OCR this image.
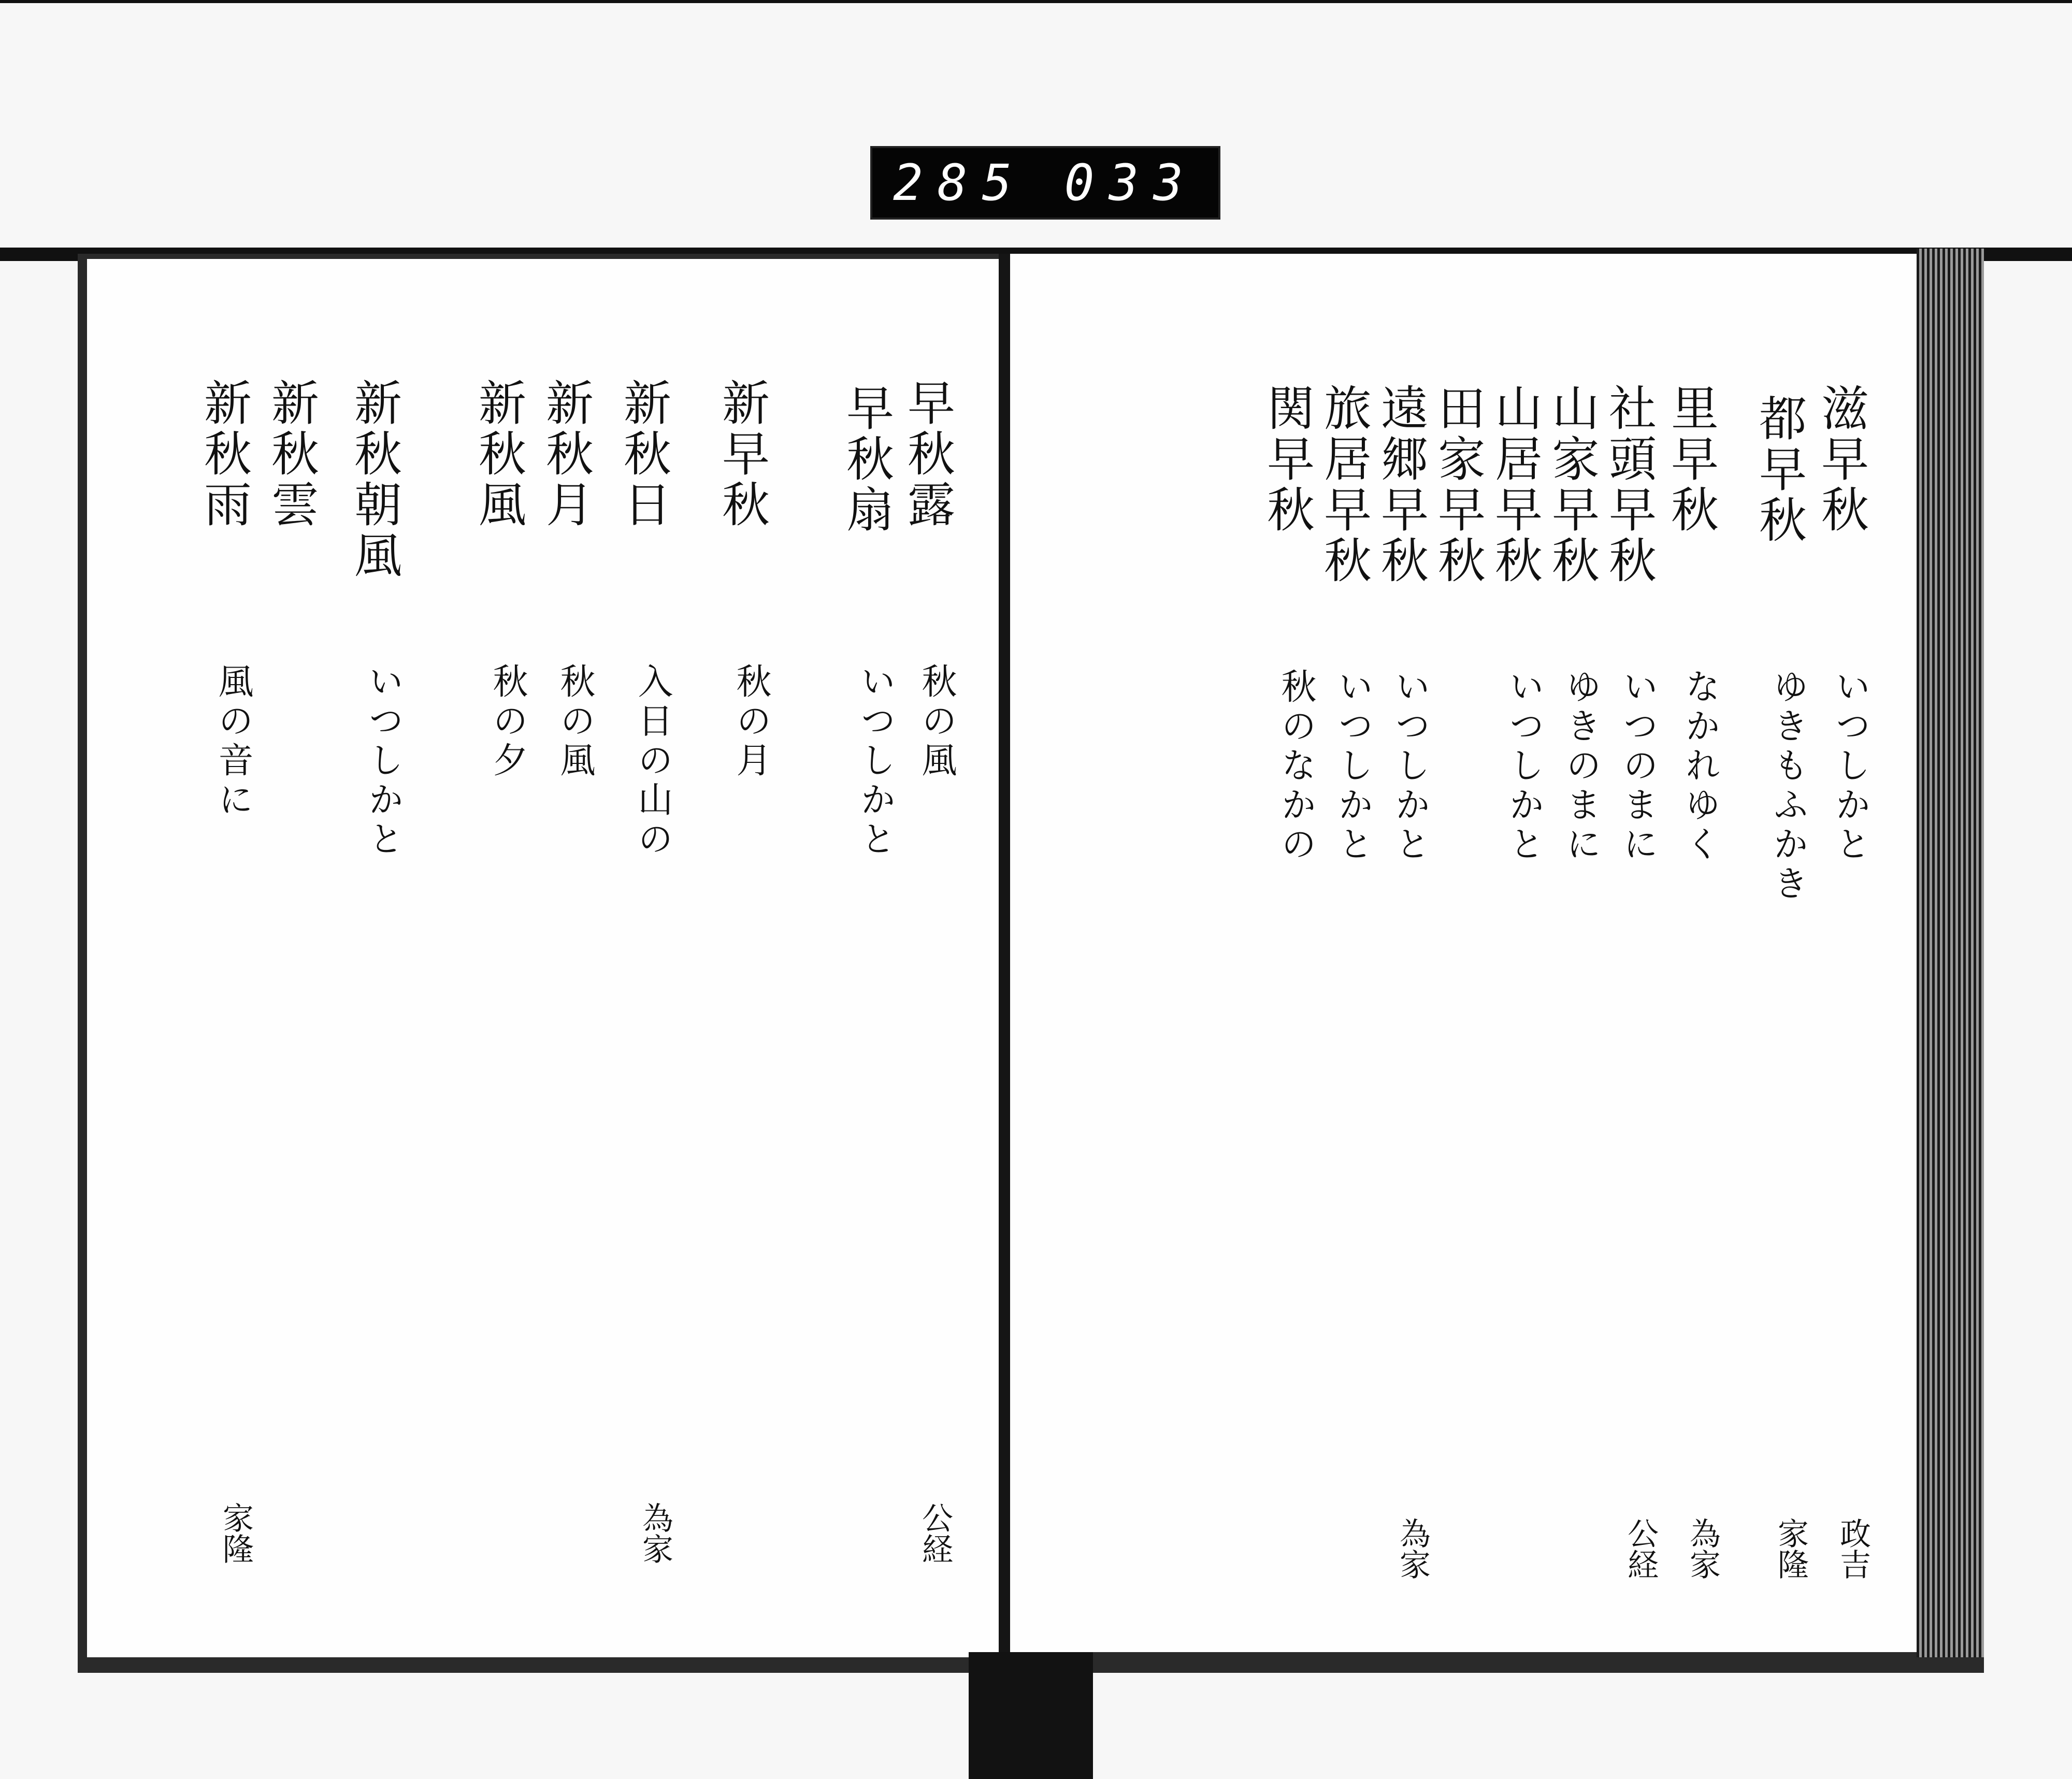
285 033
早秋露
早秋扇
新早秋
新秋日
新秋月
新秋風
新秋朝風
新秋雲
新秋雨
秋の風
いつしかと
秋の月
入日の山の
秋の風
秋の夕
いつしかと
風の音に
公経
為家
家隆
滋早秋
都早秋
里早秋
社頭早秋
山家早秋
山居早秋
田家早秋
遠郷早秋
旅居早秋
関早秋
いつしかと
ゆきもふかき
なかれゆく
いつのまに
ゆきのまに
いつしかと
いつしかと
いつしかと
秋のなかの
政吉
家隆
為家
公経
為家
